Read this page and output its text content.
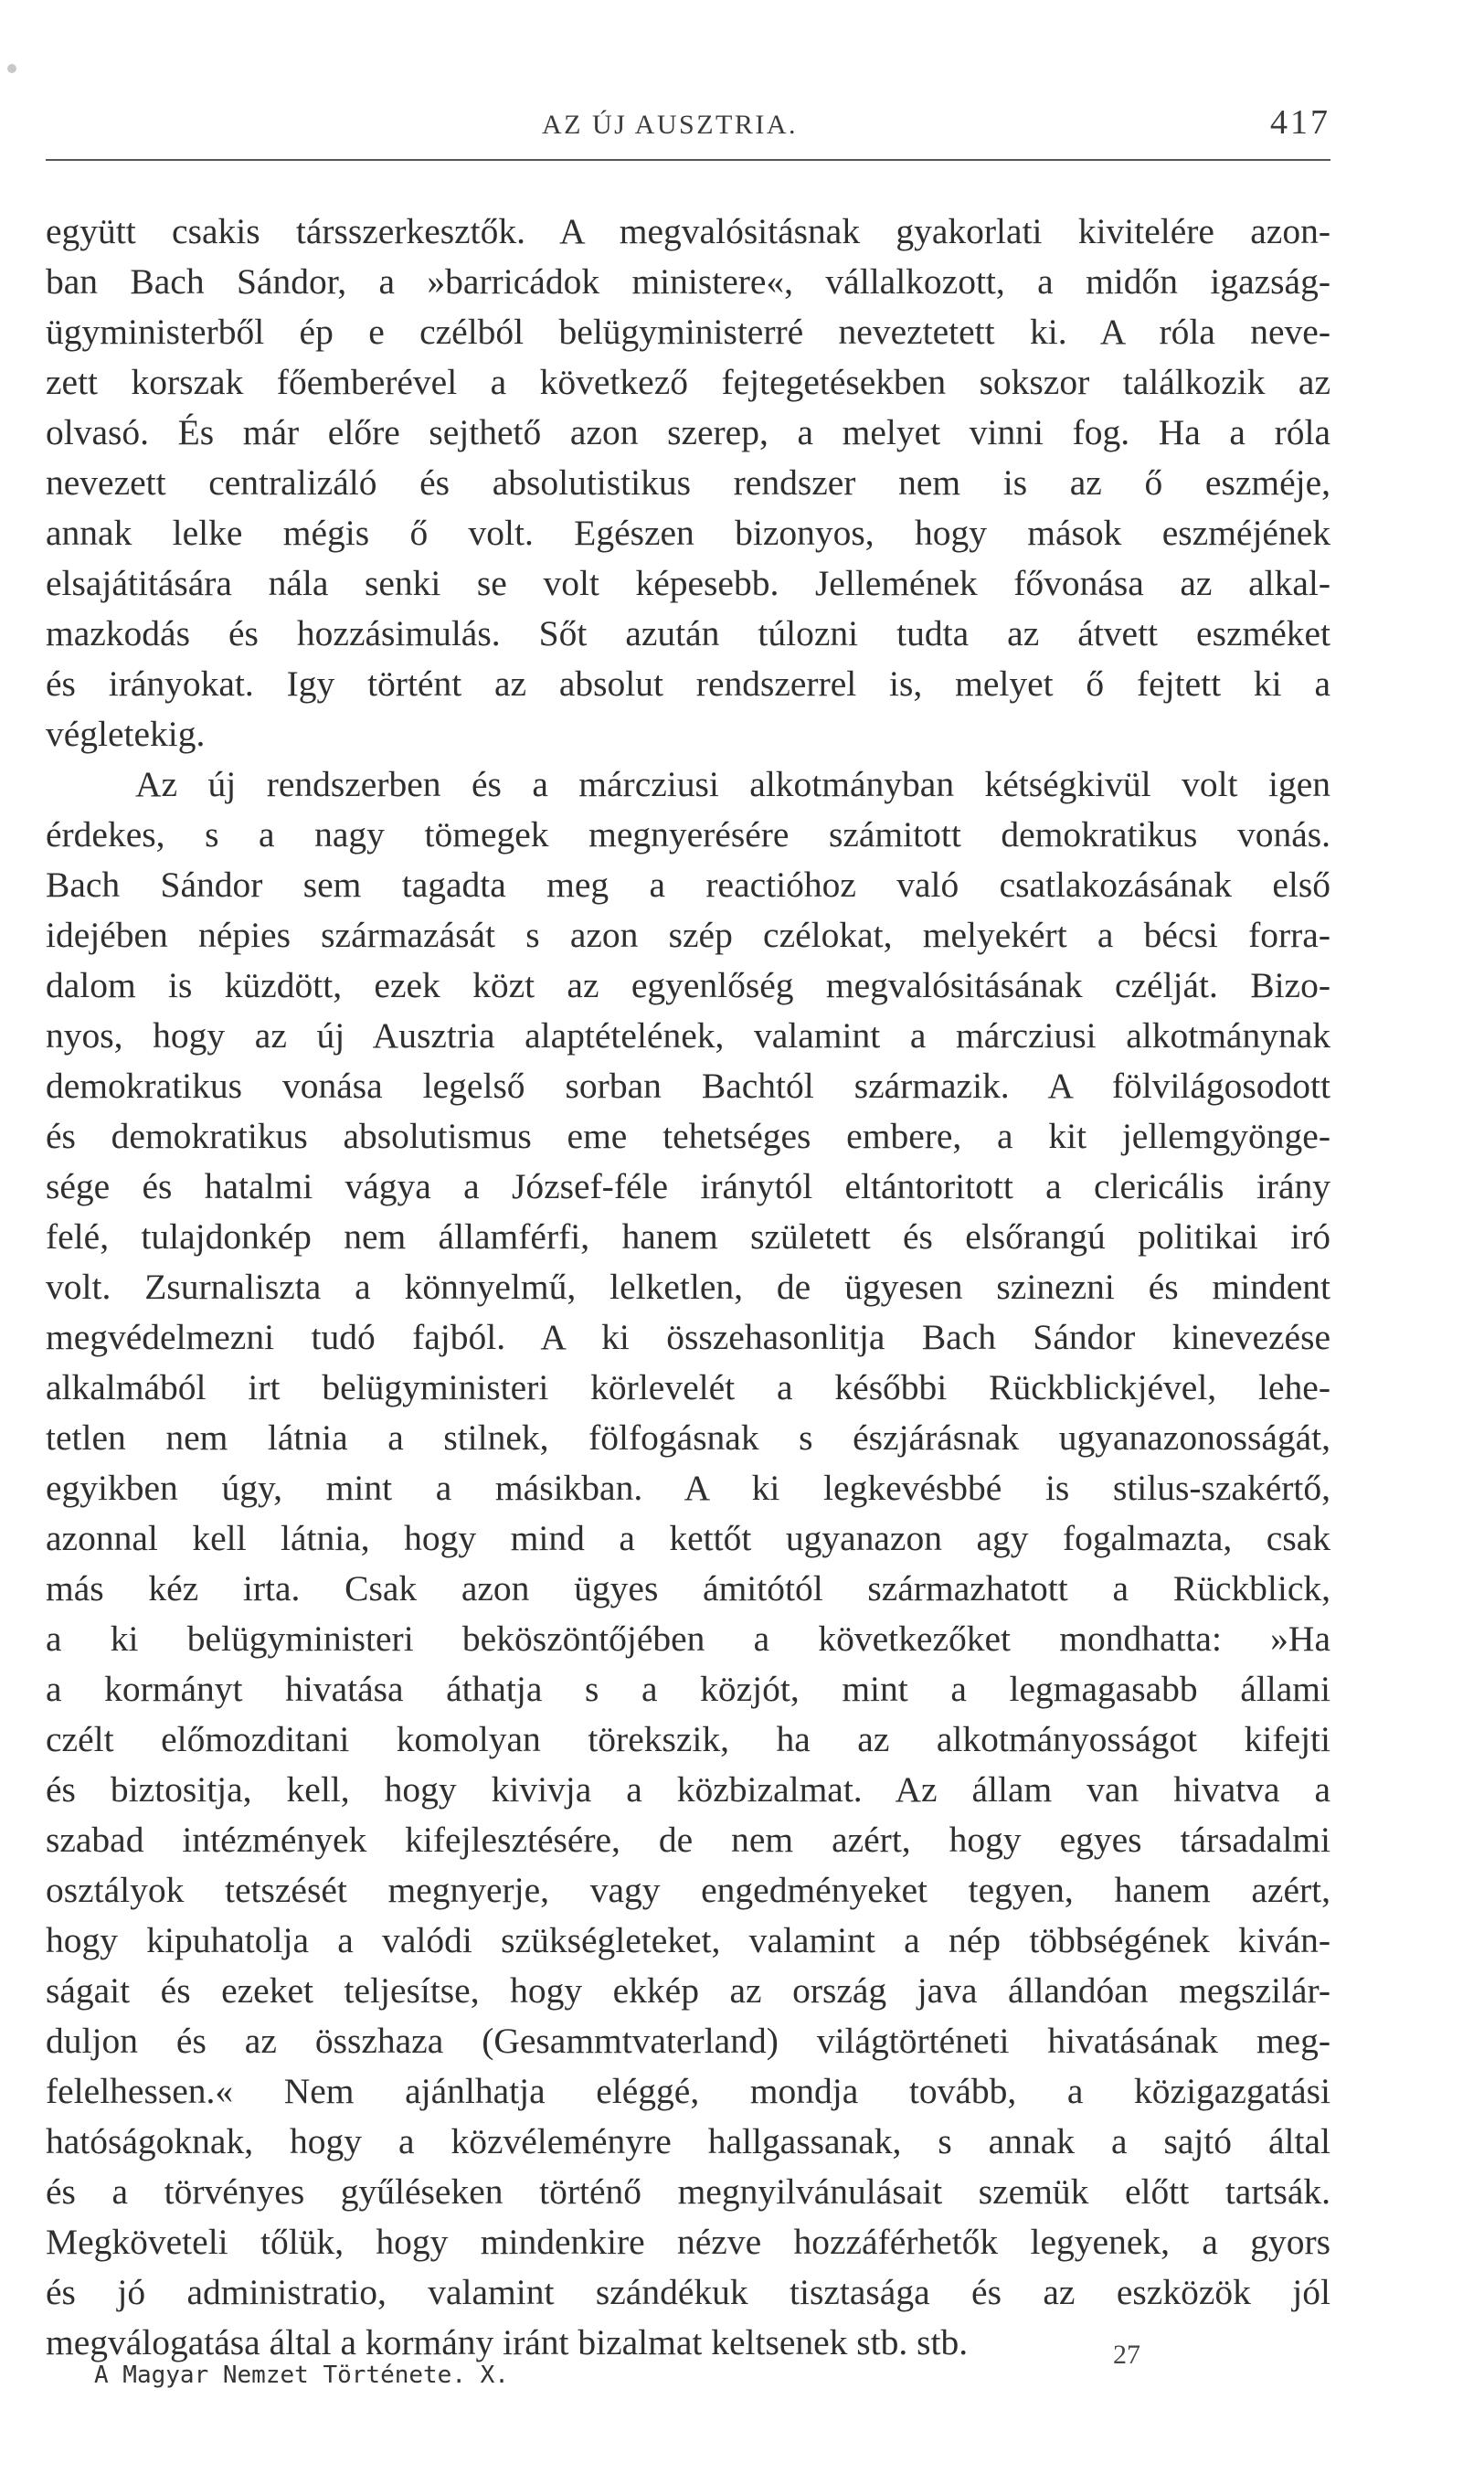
AZ ÚJ AUSZTRIA.	417
együtt csakis társszerkesztők. A megvalósitásnak gyakorlati kivitelére azon-
ban Bach Sándor, a »barricádok ministere«, vállalkozott, a midőn igazság-
ügyministerből ép e czélból belügyministerré neveztetett ki. A róla neve-
zett korszak főemberével a következő fejtegetésekben sokszor találkozik az
olvasó. És már előre sejthető azon szerep, a melyet vinni fog. Ha a róla
nevezett centralizáló és absolutistikus rendszer nem is az ő eszméje,
annak lelke mégis ő volt. Egészen bizonyos, hogy mások eszméjének
elsajátitására nála senki se volt képesebb. Jellemének fővonása az alkal-
mazkodás és hozzásimulás. Sőt azután túlozni tudta az átvett eszméket
és irányokat. Igy történt az absolut rendszerrel is, melyet ő fejtett ki a
végletekig.
Az új rendszerben és a márcziusi alkotmányban kétségkivül volt igen
érdekes, s a nagy tömegek megnyerésére számitott demokratikus vonás.
Bach Sándor sem tagadta meg a reactióhoz való csatlakozásának első
idejében népies származását s azon szép czélokat, melyekért a bécsi forra-
dalom is küzdött, ezek közt az egyenlőség megvalósitásának czélját. Bizo-
nyos, hogy az új Ausztria alaptételének, valamint a márcziusi alkotmánynak
demokratikus vonása legelső sorban Bachtól származik. A fölvilágosodott
és demokratikus absolutismus eme tehetséges embere, a kit jellemgyönge-
sége és hatalmi vágya a József-féle iránytól eltántoritott a clericális irány
felé, tulajdonkép nem államférfi, hanem született és elsőrangú politikai iró
volt. Zsurnaliszta a könnyelmű, lelketlen, de ügyesen szinezni és mindent
megvédelmezni tudó fajból. A ki összehasonlitja Bach Sándor kinevezése
alkalmából irt belügyministeri körlevelét a későbbi Rückblickjével, lehe-
tetlen nem látnia a stilnek, fölfogásnak s észjárásnak ugyanazonosságát,
egyikben úgy, mint a másikban. A ki legkevésbbé is stilus-szakértő,
azonnal kell látnia, hogy mind a kettőt ugyanazon agy fogalmazta, csak
más kéz irta. Csak azon ügyes ámitótól származhatott a Rückblick,
a ki belügyministeri beköszöntőjében a következőket mondhatta: »Ha
a kormányt hivatása áthatja s a közjót, mint a legmagasabb állami
czélt előmozditani komolyan törekszik, ha az alkotmányosságot kifejti
és biztositja, kell, hogy kivivja a közbizalmat. Az állam van hivatva a
szabad intézmények kifejlesztésére, de nem azért, hogy egyes társadalmi
osztályok tetszését megnyerje, vagy engedményeket tegyen, hanem azért,
hogy kipuhatolja a valódi szükségleteket, valamint a nép többségének kiván-
ságait és ezeket teljesítse, hogy ekkép az ország java állandóan megszilár-
duljon és az összhaza (Gesammtvaterland) világtörténeti hivatásának meg-
felelhessen.« Nem ajánlhatja eléggé, mondja tovább, a közigazgatási
hatóságoknak, hogy a közvéleményre hallgassanak, s annak a sajtó által
és a törvényes gyűléseken történő megnyilvánulásait szemük előtt tartsák.
Megköveteli tőlük, hogy mindenkire nézve hozzáférhetők legyenek, a gyors
és jó administratio, valamint szándékuk tisztasága és az eszközök jól
megválogatása által a kormány iránt bizalmat keltsenek stb. stb.
A Magyar Nemzet Története. X.
27
